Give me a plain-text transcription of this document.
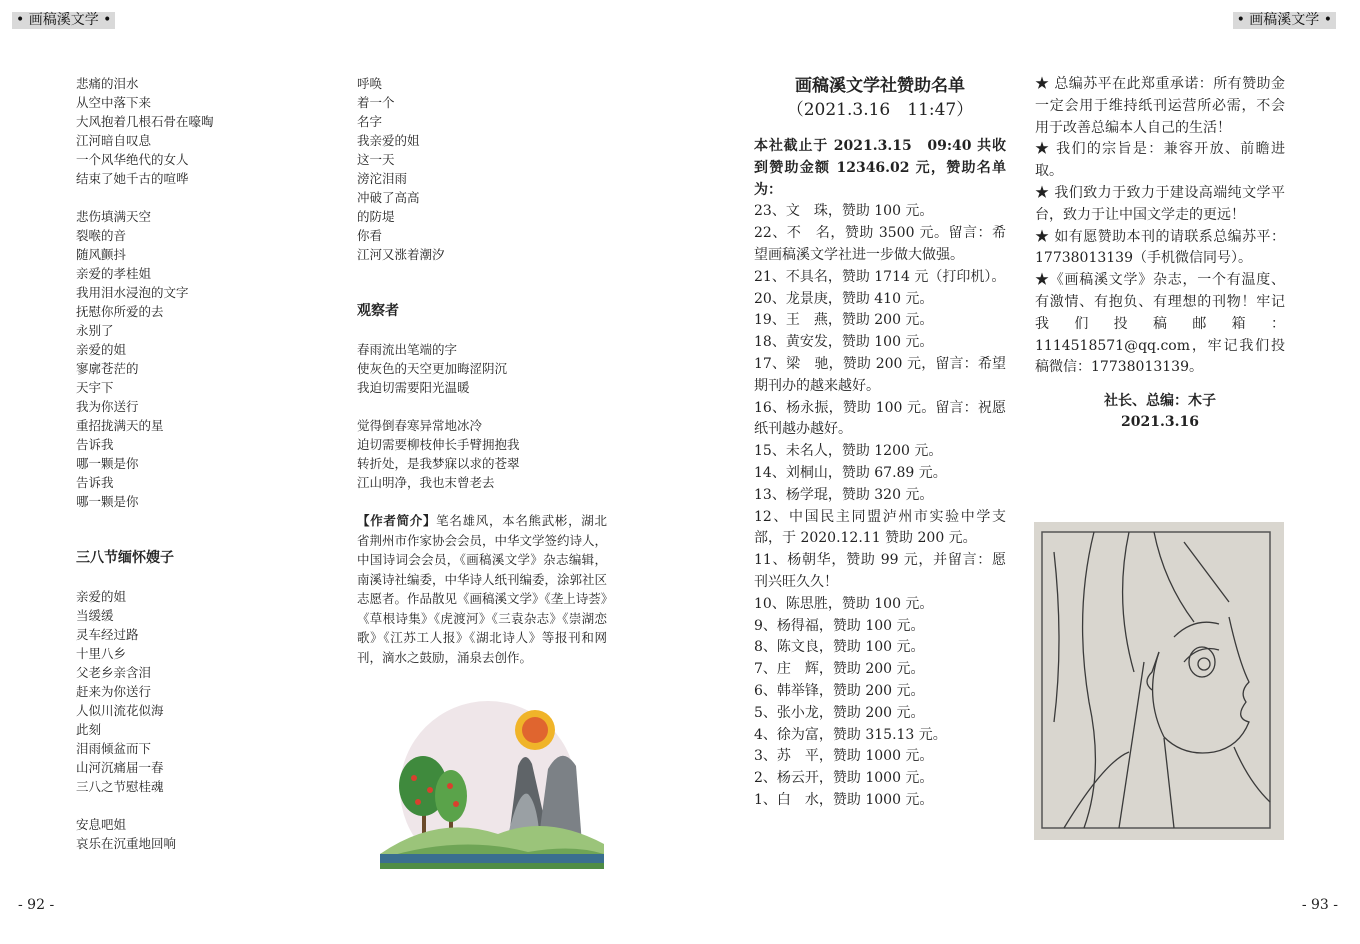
• 画稿溪文学 •	• 画稿溪文学 •
悲痛的泪水
从空中落下来
大风抱着几根石骨在嚎啕
江河暗自叹息
一个风华绝代的女人
结束了她千古的喧哗
悲伤填满天空
裂喉的音
随风颤抖
亲爱的孝桂姐
我用泪水浸泡的文字
抚慰你所爱的去
永别了
亲爱的姐
寥廓苍茫的
天宇下
我为你送行
重招拢满天的星
告诉我
哪一颗是你
告诉我
哪一颗是你
三八节缅怀嫂子
亲爱的姐
当缓缓
灵车经过路
十里八乡
父老乡亲含泪
赶来为你送行
人似川流花似海
此刻
泪雨倾盆而下
山河沉痛届一春
三八之节慰桂魂
安息吧姐
哀乐在沉重地回响
呼唤
着一个
名字
我亲爱的姐
这一天
滂沱泪雨
冲破了高高
的防堤
你看
江河又涨着潮汐
观察者
春雨流出笔端的字
使灰色的天空更加晦涩阴沉
我迫切需要阳光温暖
觉得倒春寒异常地冰冷
迫切需要柳枝伸长手臂拥抱我
转折处，是我梦寐以求的苍翠
江山明净，我也末曾老去
【作者简介】笔名雄风，本名熊武彬，湖北省荆州市作家协会会员，中华文学签约诗人，中国诗词会会员，《画稿溪文学》杂志编辑，南溪诗社编委，中华诗人纸刊编委，涂郭社区志愿者。作品散见《画稿溪文学》《垄上诗荟》《草根诗集》《虎渡河》《三袁杂志》《崇湖恋歌》《江苏工人报》《湖北诗人》等报刊和网刊，滴水之鼓励，涌泉去创作。
画稿溪文学社赞助名单
（2021.3.16　11:47）
本社截止于 2021.3.15　09:40 共收到赞助金额 12346.02 元，赞助名单为：
23、文　珠，赞助 100 元。
22、不　名，赞助 3500 元。留言：希望画稿溪文学社进一步做大做强。
21、不具名，赞助 1714 元（打印机）。
20、龙景庚，赞助 410 元。
19、王　燕，赞助 200 元。
18、黄安发，赞助 100 元。
17、梁　驰，赞助 200 元，留言：希望期刊办的越来越好。
16、杨永振，赞助 100 元。留言：祝愿纸刊越办越好。
15、未名人，赞助 1200 元。
14、刘桐山，赞助 67.89 元。
13、杨学琨，赞助 320 元。
12、中国民主同盟泸州市实验中学支部，于 2020.12.11 赞助 200 元。
11、杨朝华，赞助 99 元，并留言：愿刊兴旺久久！
10、陈思胜，赞助 100 元。
9、杨得福，赞助 100 元。
8、陈文良，赞助 100 元。
7、庄　辉，赞助 200 元。
6、韩举锋，赞助 200 元。
5、张小龙，赞助 200 元。
4、徐为富，赞助 315.13 元。
3、苏　平，赞助 1000 元。
2、杨云开，赞助 1000 元。
1、白　水，赞助 1000 元。
★ 总编苏平在此郑重承诺：所有赞助金一定会用于维持纸刊运营所必需，不会用于改善总编本人自己的生活！
★ 我们的宗旨是：兼容开放、前瞻进取。
★ 我们致力于致力于建设高端纯文学平台，致力于让中国文学走的更远！
★ 如有愿赞助本刊的请联系总编苏平：17738013139（手机微信同号）。
★《画稿溪文学》杂志，一个有温度、有激情、有抱负、有理想的刊物！牢记我们投稿邮箱：1114518571@qq.com，牢记我们投稿微信：17738013139。
社长、总编：木子
2021.3.16
- 92 -	- 93 -
